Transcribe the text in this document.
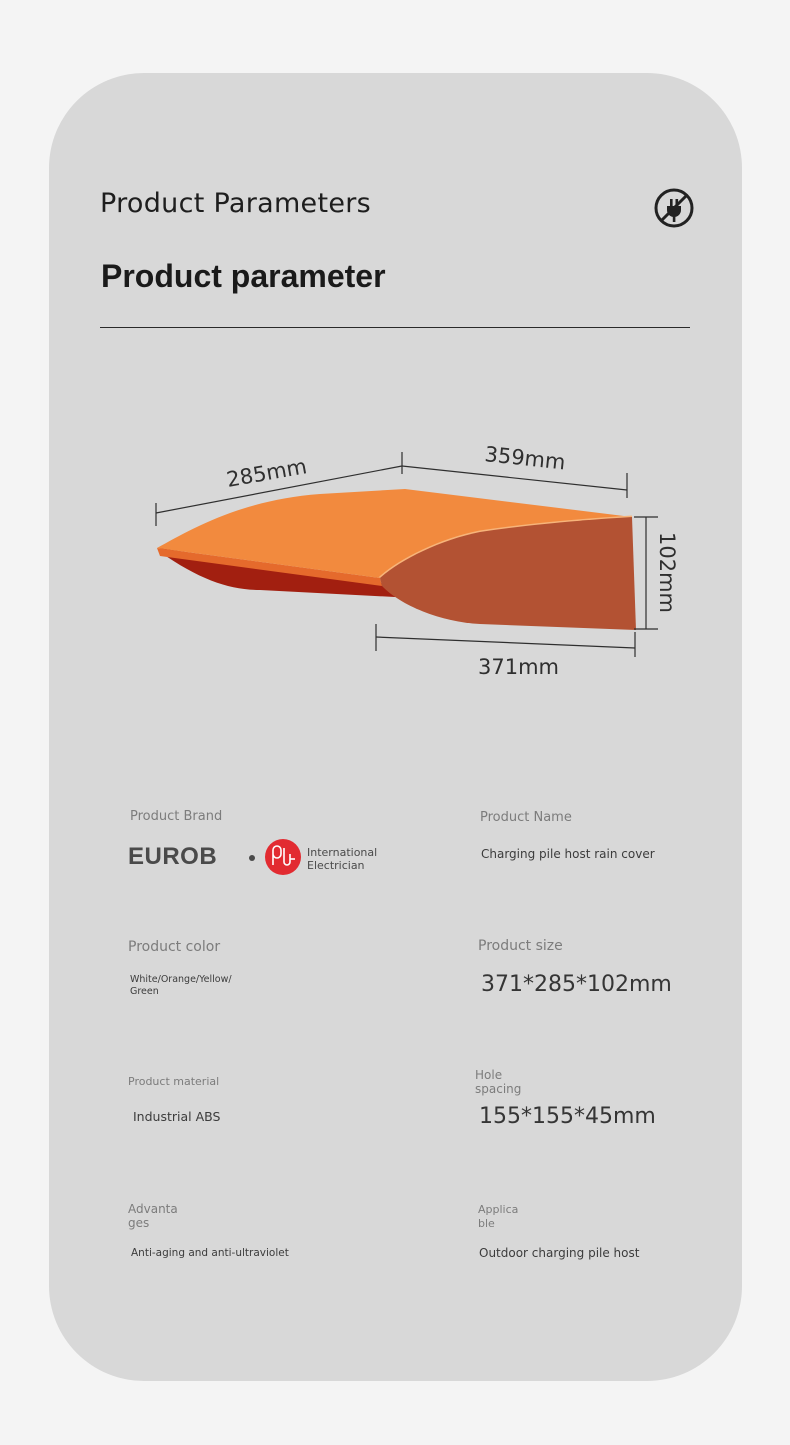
Product Parameters
Product parameter
285mm	359mm
102mm
371mm
Product Brand
EUROB	International
Electrician
Product Name
Charging pile host rain cover
Product color
White/Orange/Yellow/
Green
Product size
371*285*102mm
Product material
Industrial ABS
Hole
spacing
155*155*45mm
Advanta
ges
Anti-aging and anti-ultraviolet
Applica
ble
Outdoor charging pile host
